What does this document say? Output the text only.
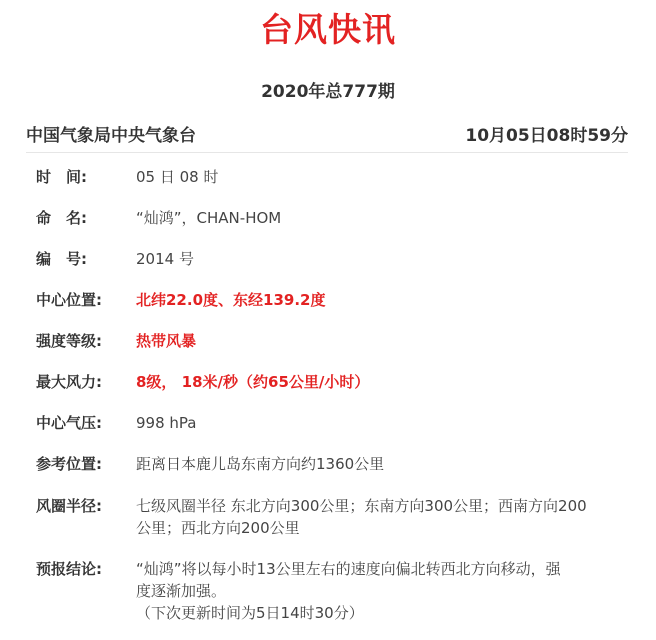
台风快讯
2020年总777期
中国气象局中央气象台	10月05日08时59分
时　间:	05 日 08 时
命　名:	“灿鸿”，CHAN-HOM
编　号:	2014 号
中心位置:	北纬22.0度、东经139.2度
强度等级:	热带风暴
最大风力:	8级， 18米/秒（约65公里/小时）
中心气压:	998 hPa
参考位置:	距离日本鹿儿岛东南方向约1360公里
风圈半径:	七级风圈半径 东北方向300公里；东南方向300公里；西南方向200
公里；西北方向200公里
预报结论:	“灿鸿”将以每小时13公里左右的速度向偏北转西北方向移动，强
度逐渐加强。
（下次更新时间为5日14时30分）
